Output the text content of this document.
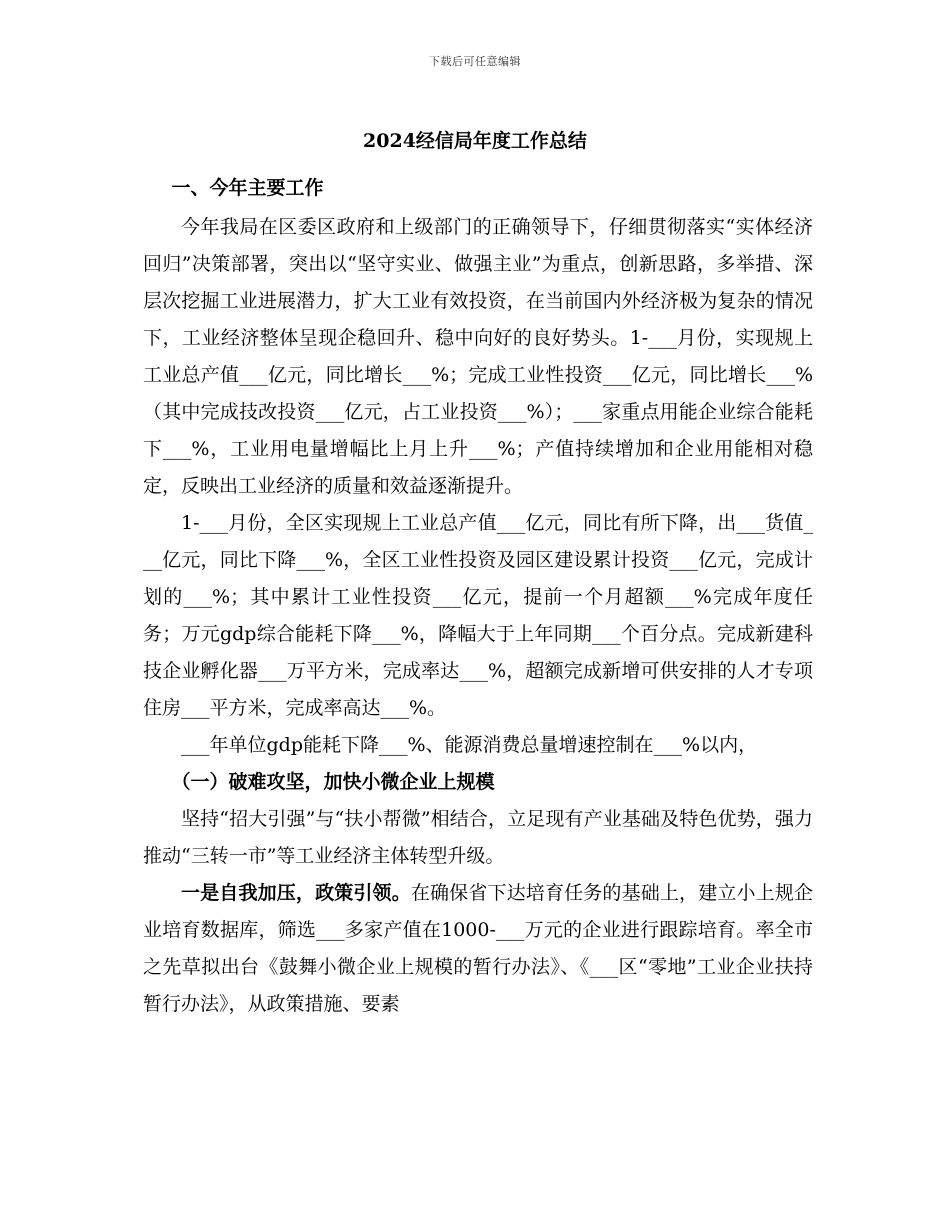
下载后可任意编辑
2024经信局年度工作总结
一、今年主要工作

今年我局在区委区政府和上级部门的正确领导下，仔细贯彻落实“实体经济回归”决策部署，突出以“坚守实业、做强主业”为重点，创新思路，多举措、深层次挖掘工业进展潜力，扩大工业有效投资，在当前国内外经济极为复杂的情况下，工业经济整体呈现企稳回升、稳中向好的良好势头。1-___月份，实现规上工业总产值___亿元，同比增长___%；完成工业性投资___亿元，同比增长___%（其中完成技改投资___亿元，占工业投资___%）；___家重点用能企业综合能耗下___%，工业用电量增幅比上月上升___%；产值持续增加和企业用能相对稳定，反映出工业经济的质量和效益逐渐提升。

1-___月份，全区实现规上工业总产值___亿元，同比有所下降，出___货值___亿元，同比下降___%，全区工业性投资及园区建设累计投资___亿元，完成计划的___%；其中累计工业性投资___亿元，提前一个月超额___%完成年度任务；万元gdp综合能耗下降___%，降幅大于上年同期___个百分点。完成新建科技企业孵化器___万平方米，完成率达___%，超额完成新增可供安排的人才专项住房___平方米，完成率高达___%。

___年单位gdp能耗下降___%、能源消费总量增速控制在___%以内，

（一）破难攻坚，加快小微企业上规模

坚持“招大引强”与“扶小帮微”相结合，立足现有产业基础及特色优势，强力推动“三转一市”等工业经济主体转型升级。

一是自我加压，政策引领。在确保省下达培育任务的基础上，建立小上规企业培育数据库，筛选___多家产值在1000-___万元的企业进行跟踪培育。率全市之先草拟出台《鼓舞小微企业上规模的暂行办法》、《___区“零地”工业企业扶持暂行办法》，从政策措施、要素
